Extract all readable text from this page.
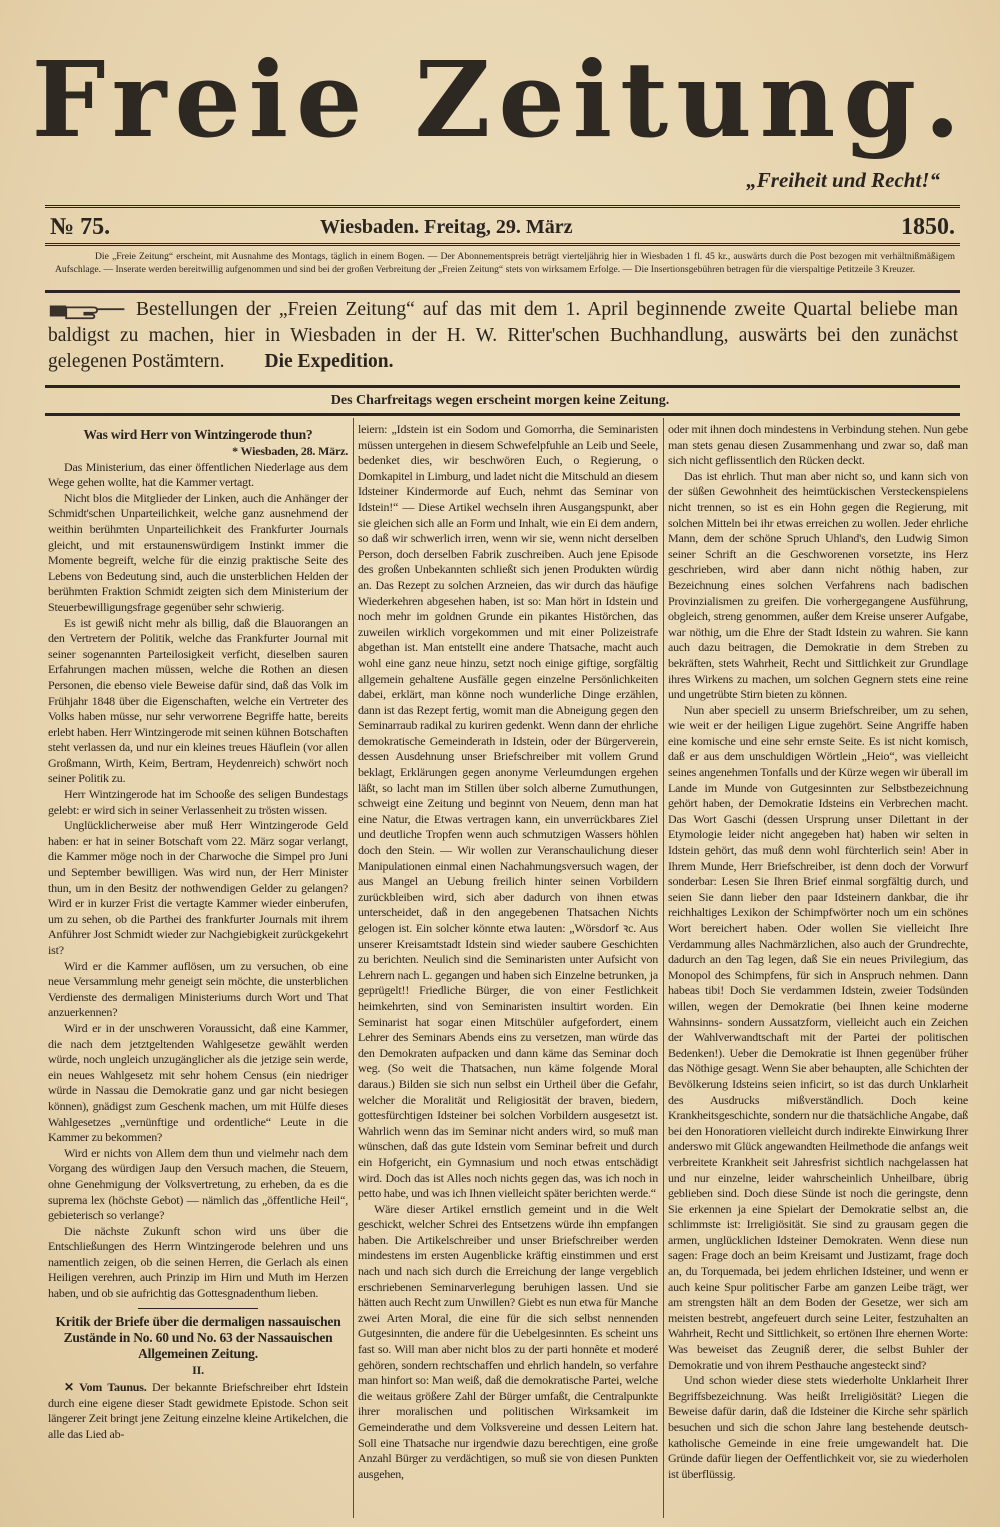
Freie Zeitung.
„Freiheit und Recht!“
№ 75.	Wiesbaden. Freitag, 29. März	1850.
Die „Freie Zeitung“ erscheint, mit Ausnahme des Montags, täglich in einem Bogen. — Der Abonnementspreis beträgt vierteljährig hier in Wiesbaden 1 fl. 45 kr., auswärts durch die Post bezogen mit verhältnißmäßigem Aufschlage. — Inserate werden bereitwillig aufgenommen und sind bei der großen Verbreitung der „Freien Zeitung“ stets von wirksamem Erfolge. — Die Insertionsgebühren betragen für die vierspaltige Petitzeile 3 Kreuzer.
Bestellungen der „Freien Zeitung“ auf das mit dem 1. April beginnende zweite Quartal beliebe man baldigst zu machen, hier in Wiesbaden in der H. W. Ritter'schen Buchhandlung, auswärts bei den zunächst gelegenen Postämtern. Die Expedition.
Des Charfreitags wegen erscheint morgen keine Zeitung.
Was wird Herr von Wintzingerode thun?
* Wiesbaden, 28. März.

Das Ministerium, das einer öffentlichen Niederlage aus dem Wege gehen wollte, hat die Kammer vertagt.

Nicht blos die Mitglieder der Linken, auch die Anhänger der Schmidt'schen Unparteilichkeit, welche ganz ausnehmend der weithin berühmten Unparteilichkeit des Frankfurter Journals gleicht, und mit erstaunenswürdigem Instinkt immer die Momente begreift, welche für die einzig praktische Seite des Lebens von Bedeutung sind, auch die unsterblichen Helden der berühmten Fraktion Schmidt zeigten sich dem Ministerium der Steuerbewilligungsfrage gegenüber sehr schwierig.

Es ist gewiß nicht mehr als billig, daß die Blauorangen an den Vertretern der Politik, welche das Frankfurter Journal mit seiner sogenannten Parteilosigkeit verficht, dieselben sauren Erfahrungen machen müssen, welche die Rothen an diesen Personen, die ebenso viele Beweise dafür sind, daß das Volk im Frühjahr 1848 über die Eigenschaften, welche ein Vertreter des Volks haben müsse, nur sehr verworrene Begriffe hatte, bereits erlebt haben. Herr Wintzingerode mit seinen kühnen Botschaften steht verlassen da, und nur ein kleines treues Häuflein (vor allen Großmann, Wirth, Keim, Bertram, Heydenreich) schwört noch seiner Politik zu.

Herr Wintzingerode hat im Schooße des seligen Bundestags gelebt: er wird sich in seiner Verlassenheit zu trösten wissen.

Unglücklicherweise aber muß Herr Wintzingerode Geld haben: er hat in seiner Botschaft vom 22. März sogar verlangt, die Kammer möge noch in der Charwoche die Simpel pro Juni und September bewilligen. Was wird nun, der Herr Minister thun, um in den Besitz der nothwendigen Gelder zu gelangen? Wird er in kurzer Frist die vertagte Kammer wieder einberufen, um zu sehen, ob die Parthei des frankfurter Journals mit ihrem Anführer Jost Schmidt wieder zur Nachgiebigkeit zurückgekehrt ist?

Wird er die Kammer auflösen, um zu versuchen, ob eine neue Versammlung mehr geneigt sein möchte, die unsterblichen Verdienste des dermaligen Ministeriums durch Wort und That anzuerkennen?

Wird er in der unschweren Voraussicht, daß eine Kammer, die nach dem jetztgeltenden Wahlgesetze gewählt werden würde, noch ungleich unzugänglicher als die jetzige sein werde, ein neues Wahlgesetz mit sehr hohem Census (ein niedriger würde in Nassau die Demokratie ganz und gar nicht besiegen können), gnädigst zum Geschenk machen, um mit Hülfe dieses Wahlgesetzes „vernünftige und ordentliche“ Leute in die Kammer zu bekommen?

Wird er nichts von Allem dem thun und vielmehr nach dem Vorgang des würdigen Jaup den Versuch machen, die Steuern, ohne Genehmigung der Volksvertretung, zu erheben, da es die suprema lex (höchste Gebot) — nämlich das „öffentliche Heil“, gebieterisch so verlange?

Die nächste Zukunft schon wird uns über die Entschließungen des Herrn Wintzingerode belehren und uns namentlich zeigen, ob die seinen Herren, die Gerlach als einen Heiligen verehren, auch Prinzip im Hirn und Muth im Herzen haben, und ob sie aufrichtig das Gottesgnadenthum lieben.

Kritik der Briefe über die dermaligen nassauischen Zustände in No. 60 und No. 63 der Nassauischen Allgemeinen Zeitung.
II.

✕ Vom Taunus. Der bekannte Briefschreiber ehrt Idstein durch eine eigene dieser Stadt gewidmete Epistode. Schon seit längerer Zeit bringt jene Zeitung einzelne kleine Artikelchen, die alle das Lied ab-

leiern: „Idstein ist ein Sodom und Gomorrha, die Seminaristen müssen untergehen in diesem Schwefelpfuhle an Leib und Seele, bedenket dies, wir beschwören Euch, o Regierung, o Domkapitel in Limburg, und ladet nicht die Mitschuld an diesem Idsteiner Kindermorde auf Euch, nehmt das Seminar von Idstein!“ — Diese Artikel wechseln ihren Ausgangspunkt, aber sie gleichen sich alle an Form und Inhalt, wie ein Ei dem andern, so daß wir schwerlich irren, wenn wir sie, wenn nicht derselben Person, doch derselben Fabrik zuschreiben. Auch jene Episode des großen Unbekannten schließt sich jenen Produkten würdig an. Das Rezept zu solchen Arzneien, das wir durch das häufige Wiederkehren abgesehen haben, ist so: Man hört in Idstein und noch mehr im goldnen Grunde ein pikantes Histörchen, das zuweilen wirklich vorgekommen und mit einer Polizeistrafe abgethan ist. Man entstellt eine andere Thatsache, macht auch wohl eine ganz neue hinzu, setzt noch einige giftige, sorgfältig allgemein gehaltene Ausfälle gegen einzelne Persönlichkeiten dabei, erklärt, man könne noch wunderliche Dinge erzählen, dann ist das Rezept fertig, womit man die Abneigung gegen den Seminarraub radikal zu kuriren gedenkt. Wenn dann der ehrliche demokratische Gemeinderath in Idstein, oder der Bürgerverein, dessen Ausdehnung unser Briefschreiber mit vollem Grund beklagt, Erklärungen gegen anonyme Verleumdungen ergehen läßt, so lacht man im Stillen über solch alberne Zumuthungen, schweigt eine Zeitung und beginnt von Neuem, denn man hat eine Natur, die Etwas vertragen kann, ein unverrückbares Ziel und deutliche Tropfen wenn auch schmutzigen Wassers höhlen doch den Stein. — Wir wollen zur Veranschaulichung dieser Manipulationen einmal einen Nachahmungsversuch wagen, der aus Mangel an Uebung freilich hinter seinen Vorbildern zurückbleiben wird, sich aber dadurch von ihnen etwas unterscheidet, daß in den angegebenen Thatsachen Nichts gelogen ist. Ein solcher könnte etwa lauten: „Wörsdorf ꝛc. Aus unserer Kreisamtstadt Idstein sind wieder saubere Geschichten zu berichten. Neulich sind die Seminaristen unter Aufsicht von Lehrern nach L. gegangen und haben sich Einzelne betrunken, ja geprügelt!! Friedliche Bürger, die von einer Festlichkeit heimkehrten, sind von Seminaristen insultirt worden. Ein Seminarist hat sogar einen Mitschüler aufgefordert, einem Lehrer des Seminars Abends eins zu versetzen, man würde das den Demokraten aufpacken und dann käme das Seminar doch weg. (So weit die Thatsachen, nun käme folgende Moral daraus.) Bilden sie sich nun selbst ein Urtheil über die Gefahr, welcher die Moralität und Religiosität der braven, biedern, gottesfürchtigen Idsteiner bei solchen Vorbildern ausgesetzt ist. Wahrlich wenn das im Seminar nicht anders wird, so muß man wünschen, daß das gute Idstein vom Seminar befreit und durch ein Hofgericht, ein Gymnasium und noch etwas entschädigt wird. Doch das ist Alles noch nichts gegen das, was ich noch in petto habe, und was ich Ihnen vielleicht später berichten werde.“

Wäre dieser Artikel ernstlich gemeint und in die Welt geschickt, welcher Schrei des Entsetzens würde ihn empfangen haben. Die Artikelschreiber und unser Briefschreiber werden mindestens im ersten Augenblicke kräftig einstimmen und erst nach und nach sich durch die Erreichung der lange vergeblich erschriebenen Seminarverlegung beruhigen lassen. Und sie hätten auch Recht zum Unwillen? Giebt es nun etwa für Manche zwei Arten Moral, die eine für die sich selbst nennenden Gutgesinnten, die andere für die Uebelgesinnten. Es scheint uns fast so. Will man aber nicht blos zu der parti honnête et moderé gehören, sondern rechtschaffen und ehrlich handeln, so verfahre man hinfort so: Man weiß, daß die demokratische Partei, welche die weitaus größere Zahl der Bürger umfaßt, die Centralpunkte ihrer moralischen und politischen Wirksamkeit im Gemeinderathe und dem Volksvereine und dessen Leitern hat. Soll eine Thatsache nur irgendwie dazu berechtigen, eine große Anzahl Bürger zu verdächtigen, so muß sie von diesen Punkten ausgehen,

oder mit ihnen doch mindestens in Verbindung stehen. Nun gebe man stets genau diesen Zusammenhang und zwar so, daß man sich nicht geflissentlich den Rücken deckt.

Das ist ehrlich. Thut man aber nicht so, und kann sich von der süßen Gewohnheit des heimtückischen Versteckenspielens nicht trennen, so ist es ein Hohn gegen die Regierung, mit solchen Mitteln bei ihr etwas erreichen zu wollen. Jeder ehrliche Mann, dem der schöne Spruch Uhland's, den Ludwig Simon seiner Schrift an die Geschworenen vorsetzte, ins Herz geschrieben, wird aber dann nicht nöthig haben, zur Bezeichnung eines solchen Verfahrens nach badischen Provinzialismen zu greifen. Die vorhergegangene Ausführung, obgleich, streng genommen, außer dem Kreise unserer Aufgabe, war nöthig, um die Ehre der Stadt Idstein zu wahren. Sie kann auch dazu beitragen, die Demokratie in dem Streben zu bekräften, stets Wahrheit, Recht und Sittlichkeit zur Grundlage ihres Wirkens zu machen, um solchen Gegnern stets eine reine und ungetrübte Stirn bieten zu können.

Nun aber speciell zu unserm Briefschreiber, um zu sehen, wie weit er der heiligen Ligue zugehört. Seine Angriffe haben eine komische und eine sehr ernste Seite. Es ist nicht komisch, daß er aus dem unschuldigen Wörtlein „Heio“, was vielleicht seines angenehmen Tonfalls und der Kürze wegen wir überall im Lande im Munde von Gutgesinnten zur Selbstbezeichnung gehört haben, der Demokratie Idsteins ein Verbrechen macht. Das Wort Gaschi (dessen Ursprung unser Dilettant in der Etymologie leider nicht angegeben hat) haben wir selten in Idstein gehört, das muß denn wohl fürchterlich sein! Aber in Ihrem Munde, Herr Briefschreiber, ist denn doch der Vorwurf sonderbar: Lesen Sie Ihren Brief einmal sorgfältig durch, und seien Sie dann lieber den paar Idsteinern dankbar, die ihr reichhaltiges Lexikon der Schimpfwörter noch um ein schönes Wort bereichert haben. Oder wollen Sie vielleicht Ihre Verdammung alles Nachmärzlichen, also auch der Grundrechte, dadurch an den Tag legen, daß Sie ein neues Privilegium, das Monopol des Schimpfens, für sich in Anspruch nehmen. Dann habeas tibi! Doch Sie verdammen Idstein, zweier Todsünden willen, wegen der Demokratie (bei Ihnen keine moderne Wahnsinns- sondern Aussatzform, vielleicht auch ein Zeichen der Wahlverwandtschaft mit der Partei der politischen Bedenken!). Ueber die Demokratie ist Ihnen gegenüber früher das Nöthige gesagt. Wenn Sie aber behaupten, alle Schichten der Bevölkerung Idsteins seien inficirt, so ist das durch Unklarheit des Ausdrucks mißverständlich. Doch keine Krankheitsgeschichte, sondern nur die thatsächliche Angabe, daß bei den Honoratioren vielleicht durch indirekte Einwirkung Ihrer anderswo mit Glück angewandten Heilmethode die anfangs weit verbreitete Krankheit seit Jahresfrist sichtlich nachgelassen hat und nur einzelne, leider wahrscheinlich Unheilbare, übrig geblieben sind. Doch diese Sünde ist noch die geringste, denn Sie erkennen ja eine Spielart der Demokratie selbst an, die schlimmste ist: Irreligiösität. Sie sind zu grausam gegen die armen, unglücklichen Idsteiner Demokraten. Wenn diese nun sagen: Frage doch an beim Kreisamt und Justizamt, frage doch an, du Torquemada, bei jedem ehrlichen Idsteiner, und wenn er auch keine Spur politischer Farbe am ganzen Leibe trägt, wer am strengsten hält an dem Boden der Gesetze, wer sich am meisten bestrebt, angefeuert durch seine Leiter, festzuhalten an Wahrheit, Recht und Sittlichkeit, so ertönen Ihre ehernen Worte: Was beweiset das Zeugniß derer, die selbst Buhler der Demokratie und von ihrem Pesthauche angesteckt sind?

Und schon wieder diese stets wiederholte Unklarheit Ihrer Begriffsbezeichnung. Was heißt Irreligiösität? Liegen die Beweise dafür darin, daß die Idsteiner die Kirche sehr spärlich besuchen und sich die schon Jahre lang bestehende deutsch-katholische Gemeinde in eine freie umgewandelt hat. Die Gründe dafür liegen der Oeffentlichkeit vor, sie zu wiederholen ist überflüssig.
